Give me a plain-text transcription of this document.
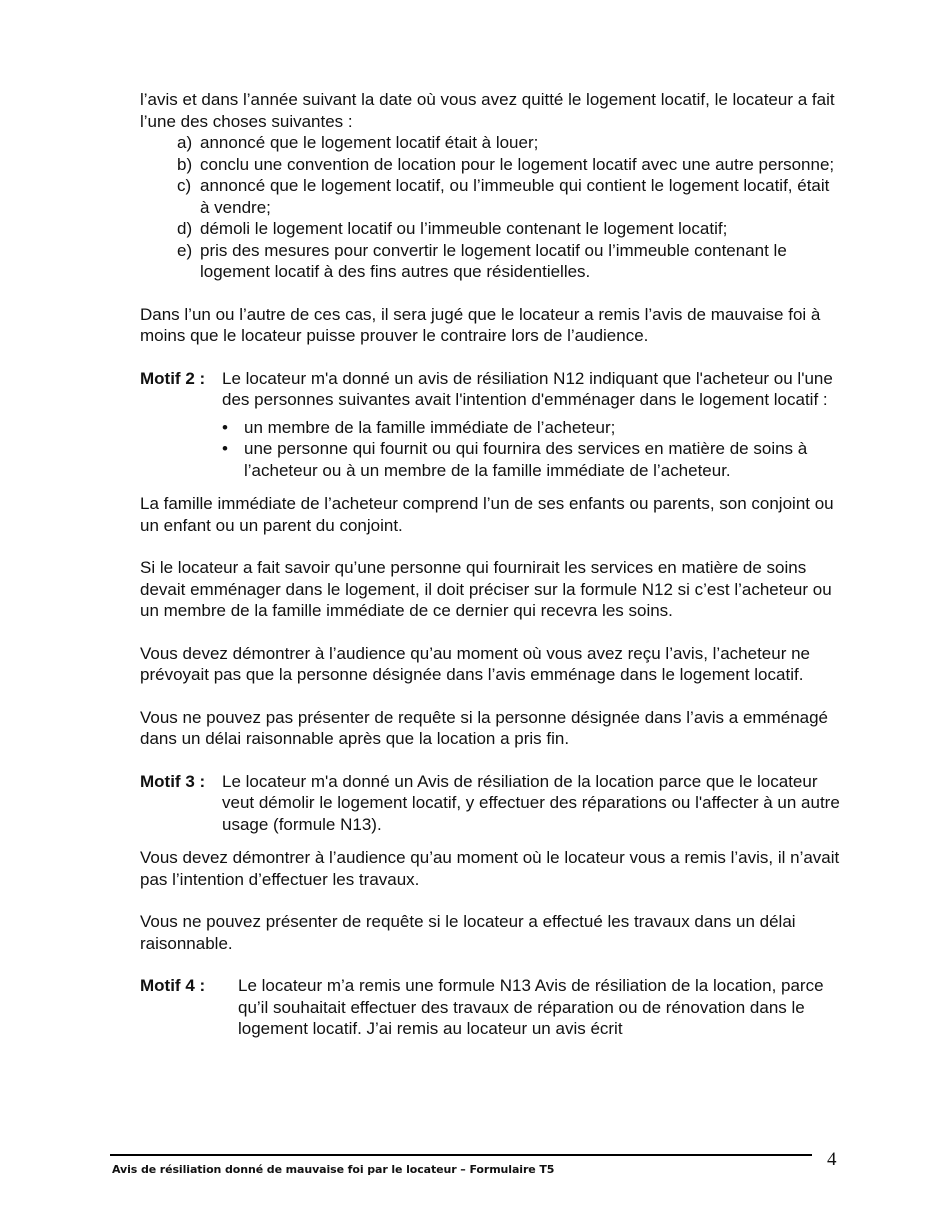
l’avis et dans l’année suivant la date où vous avez quitté le logement locatif, le locateur a fait l’une des choses suivantes :

a) annoncé que le logement locatif était à louer;
b) conclu une convention de location pour le logement locatif avec une autre personne;
c) annoncé que le logement locatif, ou l’immeuble qui contient le logement locatif, était à vendre;
d) démoli le logement locatif ou l’immeuble contenant le logement locatif;
e) pris des mesures pour convertir le logement locatif ou l’immeuble contenant le logement locatif à des fins autres que résidentielles.

Dans l’un ou l’autre de ces cas, il sera jugé que le locateur a remis l’avis de mauvaise foi à moins que le locateur puisse prouver le contraire lors de l’audience.

Motif 2 : Le locateur m'a donné un avis de résiliation N12 indiquant que l'acheteur ou l'une des personnes suivantes avait l'intention d'emménager dans le logement locatif :

• un membre de la famille immédiate de l’acheteur;
• une personne qui fournit ou qui fournira des services en matière de soins à l’acheteur ou à un membre de la famille immédiate de l’acheteur.

La famille immédiate de l’acheteur comprend l’un de ses enfants ou parents, son conjoint ou un enfant ou un parent du conjoint.

Si le locateur a fait savoir qu’une personne qui fournirait les services en matière de soins devait emménager dans le logement, il doit préciser sur la formule N12 si c’est l’acheteur ou un membre de la famille immédiate de ce dernier qui recevra les soins.

Vous devez démontrer à l’audience qu’au moment où vous avez reçu l’avis, l’acheteur ne prévoyait pas que la personne désignée dans l’avis emménage dans le logement locatif.

Vous ne pouvez pas présenter de requête si la personne désignée dans l’avis a emménagé dans un délai raisonnable après que la location a pris fin.

Motif 3 : Le locateur m'a donné un Avis de résiliation de la location parce que le locateur veut démolir le logement locatif, y effectuer des réparations ou l'affecter à un autre usage (formule N13).

Vous devez démontrer à l’audience qu’au moment où le locateur vous a remis l’avis, il n’avait pas l’intention d’effectuer les travaux.

Vous ne pouvez présenter de requête si le locateur a effectué les travaux dans un délai raisonnable.

Motif 4 :	Le locateur m’a remis une formule N13 Avis de résiliation de la location, parce qu’il souhaitait effectuer des travaux de réparation ou de rénovation dans le logement locatif. J’ai remis au locateur un avis écrit

Avis de résiliation donné de mauvaise foi par le locateur – Formulaire T5	4
